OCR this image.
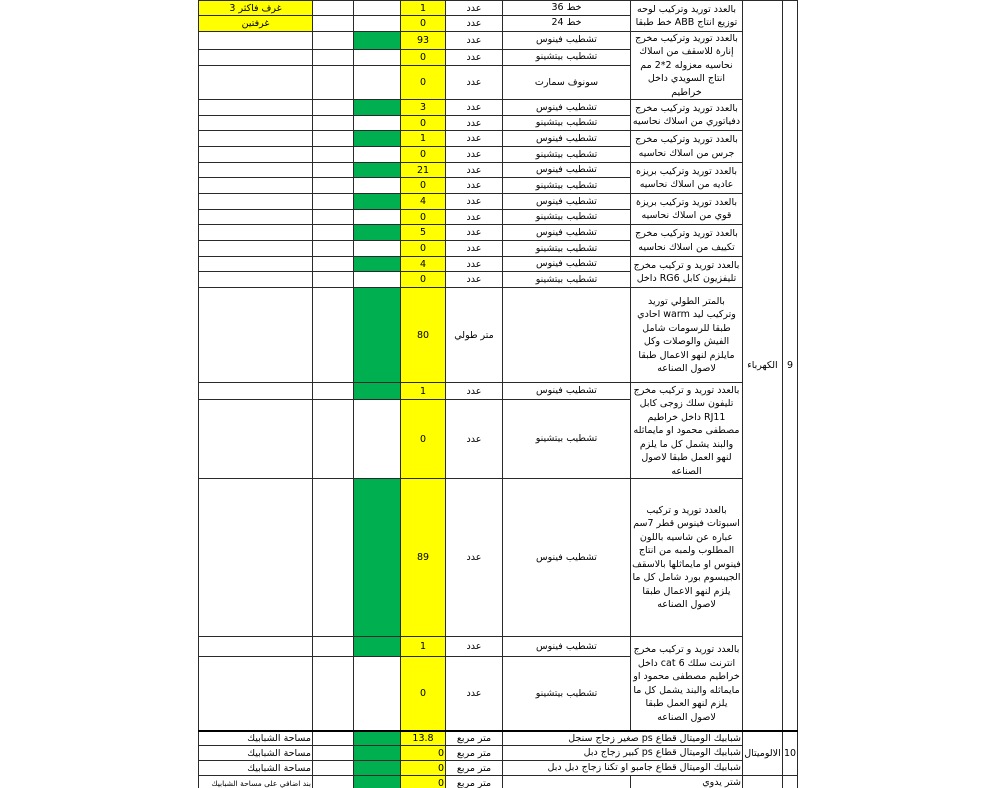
غرف فاكثر 3			1	عدد	خط 36	بالعدد توريد وتركيب لوحه توزيع انتاج ABB خط طبقا	الكهرباء	9
غرفتين			0	عدد	خط 24			
			93	عدد	تشطيب فينوس	بالعدد توريد وتركيب مخرج إنارة للاسقف من اسلاك نحاسيه معزوله 2*2 مم انتاج السويدي داخل خراطيم		
			0	عدد	تشطيب بيتشينو			
			0	عدد	سونوف سمارت			
			3	عدد	تشطيب فينوس	بالعدد توريد وتركيب مخرج دفياتوري من اسلاك نحاسيه		
			0	عدد	تشطيب بيتشينو			
			1	عدد	تشطيب فينوس	بالعدد توريد وتركيب مخرج جرس من اسلاك نحاسيه		
			0	عدد	تشطيب بيتشينو			
			21	عدد	تشطيب فينوس	بالعدد توريد وتركيب بريزه عاديه من اسلاك نحاسيه		
			0	عدد	تشطيب بيتشينو			
			4	عدد	تشطيب فينوس	بالعدد توريد وتركيب بريزة قوي من اسلاك نحاسيه		
			0	عدد	تشطيب بيتشينو			
			5	عدد	تشطيب فينوس	بالعدد توريد وتركيب مخرج تكييف من اسلاك نحاسيه		
			0	عدد	تشطيب بيتشينو			
			4	عدد	تشطيب فينوس	بالعدد توريد و تركيب مخرج تليفزيون كابل RG6 داخل		
			0	عدد	تشطيب بيتشينو			
			80	متر طولي		بالمتر الطولي توريد وتركيب ليد warm احادي طبقا للرسومات شامل الفيش والوصلات وكل مايلزم لنهو الاعمال طبقا لاصول الصناعه		
			1	عدد	تشطيب فينوس	بالعدد توريد و تركيب مخرج تليفون سلك زوجى كابل RJ11 داخل خراطيم مصطفى محمود او مايماثله والبند يشمل كل ما يلزم لنهو العمل طبقا لاصول الصناعه		
			0	عدد	تشطيب بيتشينو			
			89	عدد	تشطيب فينوس	بالعدد توريد و تركيب اسبوتات فينوس قطر 7سم عباره عن شاسيه باللون المطلوب ولمبه من انتاج فينوس او مايماثلها بالاسقف الجيبسوم بورد شامل كل ما يلزم لنهو الاعمال طبقا لاصول الصناعه		
			1	عدد	تشطيب فينوس	بالعدد توريد و تركيب مخرج انترنت سلك cat 6 داخل خراطيم مصطفى محمود او مايماثله والبند يشمل كل ما يلزم لنهو العمل طبقا لاصول الصناعه		
			0	عدد	تشطيب بيتشينو			
مساحة الشبابيك			13.8	متر مربع	شبابيك الوميتال قطاع ps صغير زجاج سنجل		الالوميتال	10
مساحة الشبابيك			0	متر مربع	شبابيك الوميتال قطاع ps كبير زجاج دبل			
مساحة الشبابيك			0	متر مربع	شبابيك الوميتال قطاع جامبو او تكنا زجاج دبل دبل			
بند اضافي على مساحة الشبابيك			0	متر مربع		شتر يدوي		
